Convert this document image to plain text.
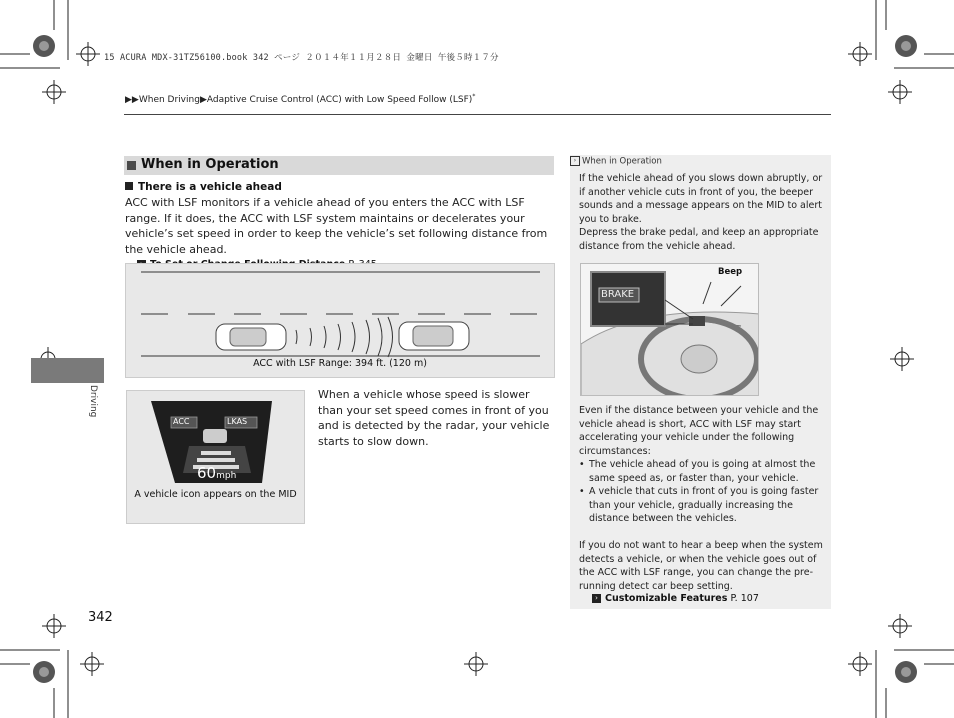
15 ACURA MDX-31TZ56100.book 342 ページ ２０１４年１１月２８日 金曜日 午後５時１７分
▶▶When Driving▶Adaptive Cruise Control (ACC) with Low Speed Follow (LSF)*
When in Operation
There is a vehicle ahead
ACC with LSF monitors if a vehicle ahead of you enters the ACC with LSF range. If it does, the ACC with LSF system maintains or decelerates your vehicle’s set speed in order to keep the vehicle’s set following distance from the vehicle ahead.
ACC with LSF Range: 394 ft. (120 m)
ACC	LKAS
60mph
A vehicle icon appears on the MID
When a vehicle whose speed is slower than your set speed comes in front of you and is detected by the radar, your vehicle starts to slow down.
Driving
342
› When in Operation
If the vehicle ahead of you slows down abruptly, or if another vehicle cuts in front of you, the beeper sounds and a message appears on the MID to alert you to brake.
Depress the brake pedal, and keep an appropriate distance from the vehicle ahead.
Even if the distance between your vehicle and the vehicle ahead is short, ACC with LSF may start accelerating your vehicle under the following circumstances:
• The vehicle ahead of you is going at almost the same speed as, or faster than, your vehicle.
• A vehicle that cuts in front of you is going faster than your vehicle, gradually increasing the distance between the vehicles.
If you do not want to hear a beep when the system detects a vehicle, or when the vehicle goes out of the ACC with LSF range, you can change the pre-running detect car beep setting.
› Customizable Features P. 107
BRAKE
Beep
